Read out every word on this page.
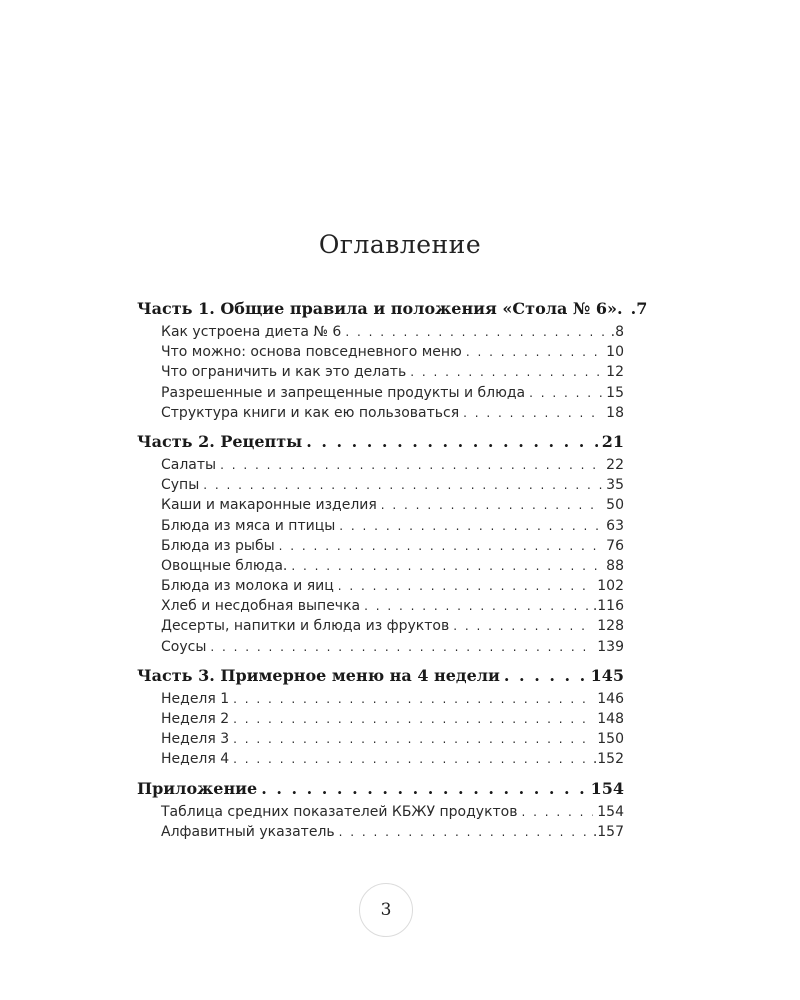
Оглавление
Часть 1. Общие правила и положения «Стола № 6». .7
Как устроена диета № 6 . . .	.8
Что можно: основа повседневного меню . . .	10
Что ограничить и как это делать . . .	12
Разрешенные и запрещенные продукты и блюда . . .	15
Структура книги и как ею пользоваться . . .	18
Часть 2. Рецепты . . .	21
Салаты . . .	22
Супы . . .	35
Каши и макаронные изделия . . .	50
Блюда из мяса и птицы . . .	63
Блюда из рыбы . . .	76
Овощные блюда. . . .	88
Блюда из молока и яиц . . .	102
Хлеб и несдобная выпечка . . .	.116
Десерты, напитки и блюда из фруктов . . .	128
Соусы . . .	139
Часть 3. Примерное меню на 4 недели . . .	145
Неделя 1 . . .	146
Неделя 2 . . .	148
Неделя 3 . . .	150
Неделя 4 . . .	.152
Приложение . . .	154
Таблица средних показателей КБЖУ продуктов . . .	154
Алфавитный указатель . . .	.157
3
